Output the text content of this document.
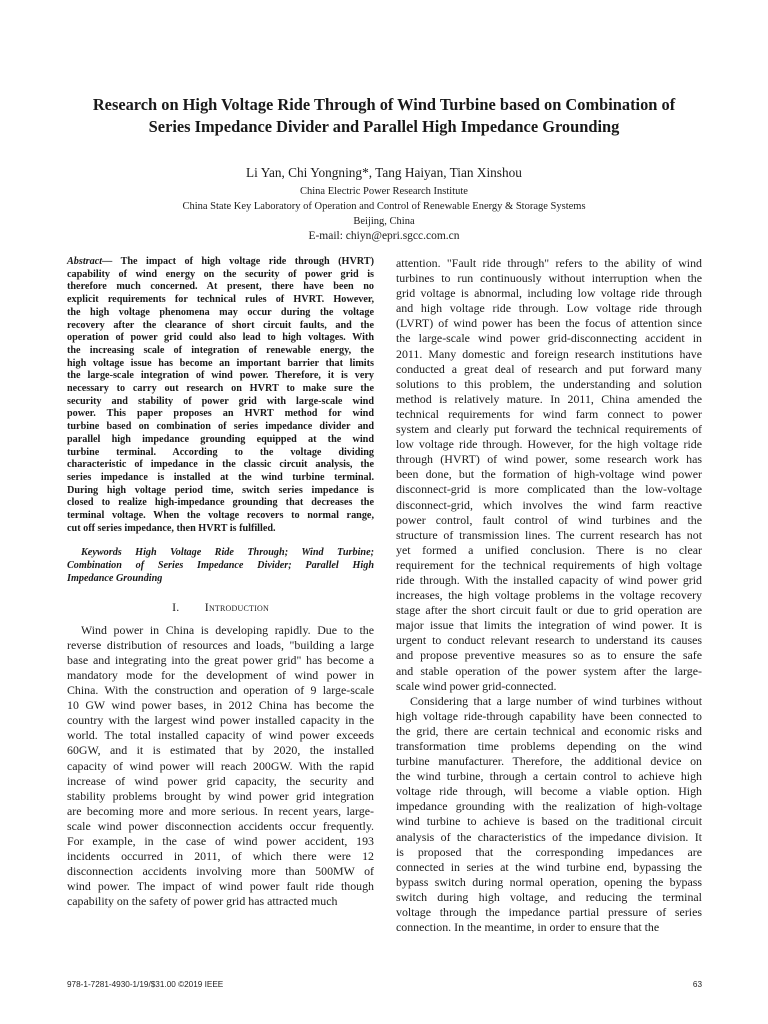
Research on High Voltage Ride Through of Wind Turbine based on Combination of
Series Impedance Divider and Parallel High Impedance Grounding
Li Yan, Chi Yongning*, Tang Haiyan, Tian Xinshou
China Electric Power Research Institute
China State Key Laboratory of Operation and Control of Renewable Energy & Storage Systems
Beijing, China
E-mail: chiyn@epri.sgcc.com.cn
Abstract— The impact of high voltage ride through (HVRT)
capability of wind energy on the security of power grid is
therefore much concerned. At present, there have been no
explicit requirements for technical rules of HVRT. However,
the high voltage phenomena may occur during the voltage
recovery after the clearance of short circuit faults, and the
operation of power grid could also lead to high voltages. With
the increasing scale of integration of renewable energy, the
high voltage issue has become an important barrier that limits
the large-scale integration of wind power. Therefore, it is very
necessary to carry out research on HVRT to make sure the
security and stability of power grid with large-scale wind
power. This paper proposes an HVRT method for wind
turbine based on combination of series impedance divider and
parallel high impedance grounding equipped at the wind
turbine terminal. According to the voltage dividing
characteristic of impedance in the classic circuit analysis, the
series impedance is installed at the wind turbine terminal.
During high voltage period time, switch series impedance is
closed to realize high-impedance grounding that decreases the
terminal voltage. When the voltage recovers to normal range,
cut off series impedance, then HVRT is fulfilled.
Keywords High Voltage Ride Through; Wind Turbine;
Combination of Series Impedance Divider; Parallel High
Impedance Grounding
I. Introduction
Wind power in China is developing rapidly. Due to the
reverse distribution of resources and loads, "building a large
base and integrating into the great power grid" has become a
mandatory mode for the development of wind power in
China. With the construction and operation of 9 large-scale
10 GW wind power bases, in 2012 China has become the
country with the largest wind power installed capacity in the
world. The total installed capacity of wind power exceeds
60GW, and it is estimated that by 2020, the installed
capacity of wind power will reach 200GW. With the rapid
increase of wind power grid capacity, the security and
stability problems brought by wind power grid integration
are becoming more and more serious. In recent years, large-
scale wind power disconnection accidents occur frequently.
For example, in the case of wind power accident, 193
incidents occurred in 2011, of which there were 12
disconnection accidents involving more than 500MW of
wind power. The impact of wind power fault ride though
capability on the safety of power grid has attracted much
attention. "Fault ride through" refers to the ability of wind
turbines to run continuously without interruption when the
grid voltage is abnormal, including low voltage ride through
and high voltage ride through. Low voltage ride through
(LVRT) of wind power has been the focus of attention since
the large-scale wind power grid-disconnecting accident in
2011. Many domestic and foreign research institutions have
conducted a great deal of research and put forward many
solutions to this problem, the understanding and solution
method is relatively mature. In 2011, China amended the
technical requirements for wind farm connect to power
system and clearly put forward the technical requirements of
low voltage ride through. However, for the high voltage ride
through (HVRT) of wind power, some research work has
been done, but the formation of high-voltage wind power
disconnect-grid is more complicated than the low-voltage
disconnect-grid, which involves the wind farm reactive
power control, fault control of wind turbines and the
structure of transmission lines. The current research has not
yet formed a unified conclusion. There is no clear
requirement for the technical requirements of high voltage
ride through. With the installed capacity of wind power grid
increases, the high voltage problems in the voltage recovery
stage after the short circuit fault or due to grid operation are
major issue that limits the integration of wind power. It is
urgent to conduct relevant research to understand its causes
and propose preventive measures so as to ensure the safe
and stable operation of the power system after the large-
scale wind power grid-connected.
Considering that a large number of wind turbines without
high voltage ride-through capability have been connected to
the grid, there are certain technical and economic risks and
transformation time problems depending on the wind
turbine manufacturer. Therefore, the additional device on
the wind turbine, through a certain control to achieve high
voltage ride through, will become a viable option. High
impedance grounding with the realization of high-voltage
wind turbine to achieve is based on the traditional circuit
analysis of the characteristics of the impedance division. It
is proposed that the corresponding impedances are
connected in series at the wind turbine end, bypassing the
bypass switch during normal operation, opening the bypass
switch during high voltage, and reducing the terminal
voltage through the impedance partial pressure of series
connection. In the meantime, in order to ensure that the
978-1-7281-4930-1/19/$31.00 ©2019 IEEE	63
